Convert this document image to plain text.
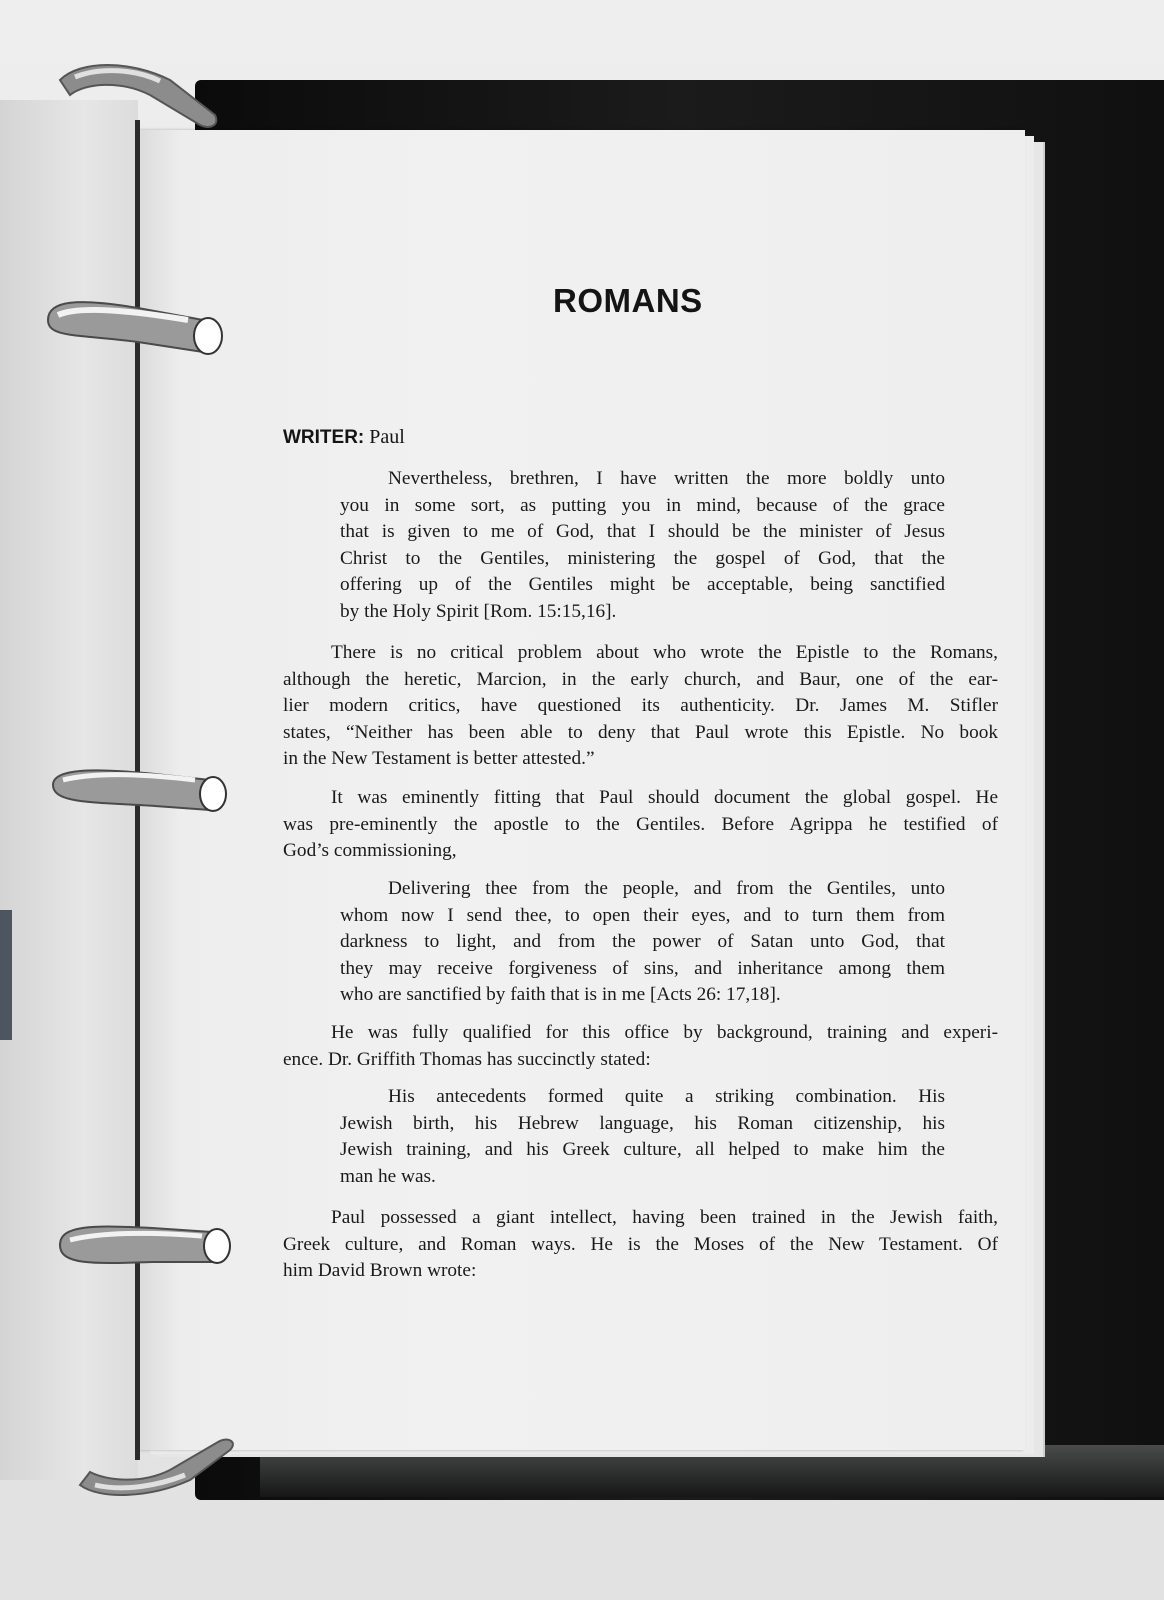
ROMANS
WRITER: Paul
Nevertheless, brethren, I have written the more boldly unto
you in some sort, as putting you in mind, because of the grace
that is given to me of God, that I should be the minister of Jesus
Christ to the Gentiles, ministering the gospel of God, that the
offering up of the Gentiles might be acceptable, being sanctified
by the Holy Spirit [Rom. 15:15,16].
There is no critical problem about who wrote the Epistle to the Romans,
although the heretic, Marcion, in the early church, and Baur, one of the ear-
lier modern critics, have questioned its authenticity. Dr. James M. Stifler
states, “Neither has been able to deny that Paul wrote this Epistle. No book
in the New Testament is better attested.”
It was eminently fitting that Paul should document the global gospel. He
was pre-eminently the apostle to the Gentiles. Before Agrippa he testified of
God’s commissioning,
Delivering thee from the people, and from the Gentiles, unto
whom now I send thee, to open their eyes, and to turn them from
darkness to light, and from the power of Satan unto God, that
they may receive forgiveness of sins, and inheritance among them
who are sanctified by faith that is in me [Acts 26: 17,18].
He was fully qualified for this office by background, training and experi-
ence. Dr. Griffith Thomas has succinctly stated:
His antecedents formed quite a striking combination. His
Jewish birth, his Hebrew language, his Roman citizenship, his
Jewish training, and his Greek culture, all helped to make him the
man he was.
Paul possessed a giant intellect, having been trained in the Jewish faith,
Greek culture, and Roman ways. He is the Moses of the New Testament. Of
him David Brown wrote:
